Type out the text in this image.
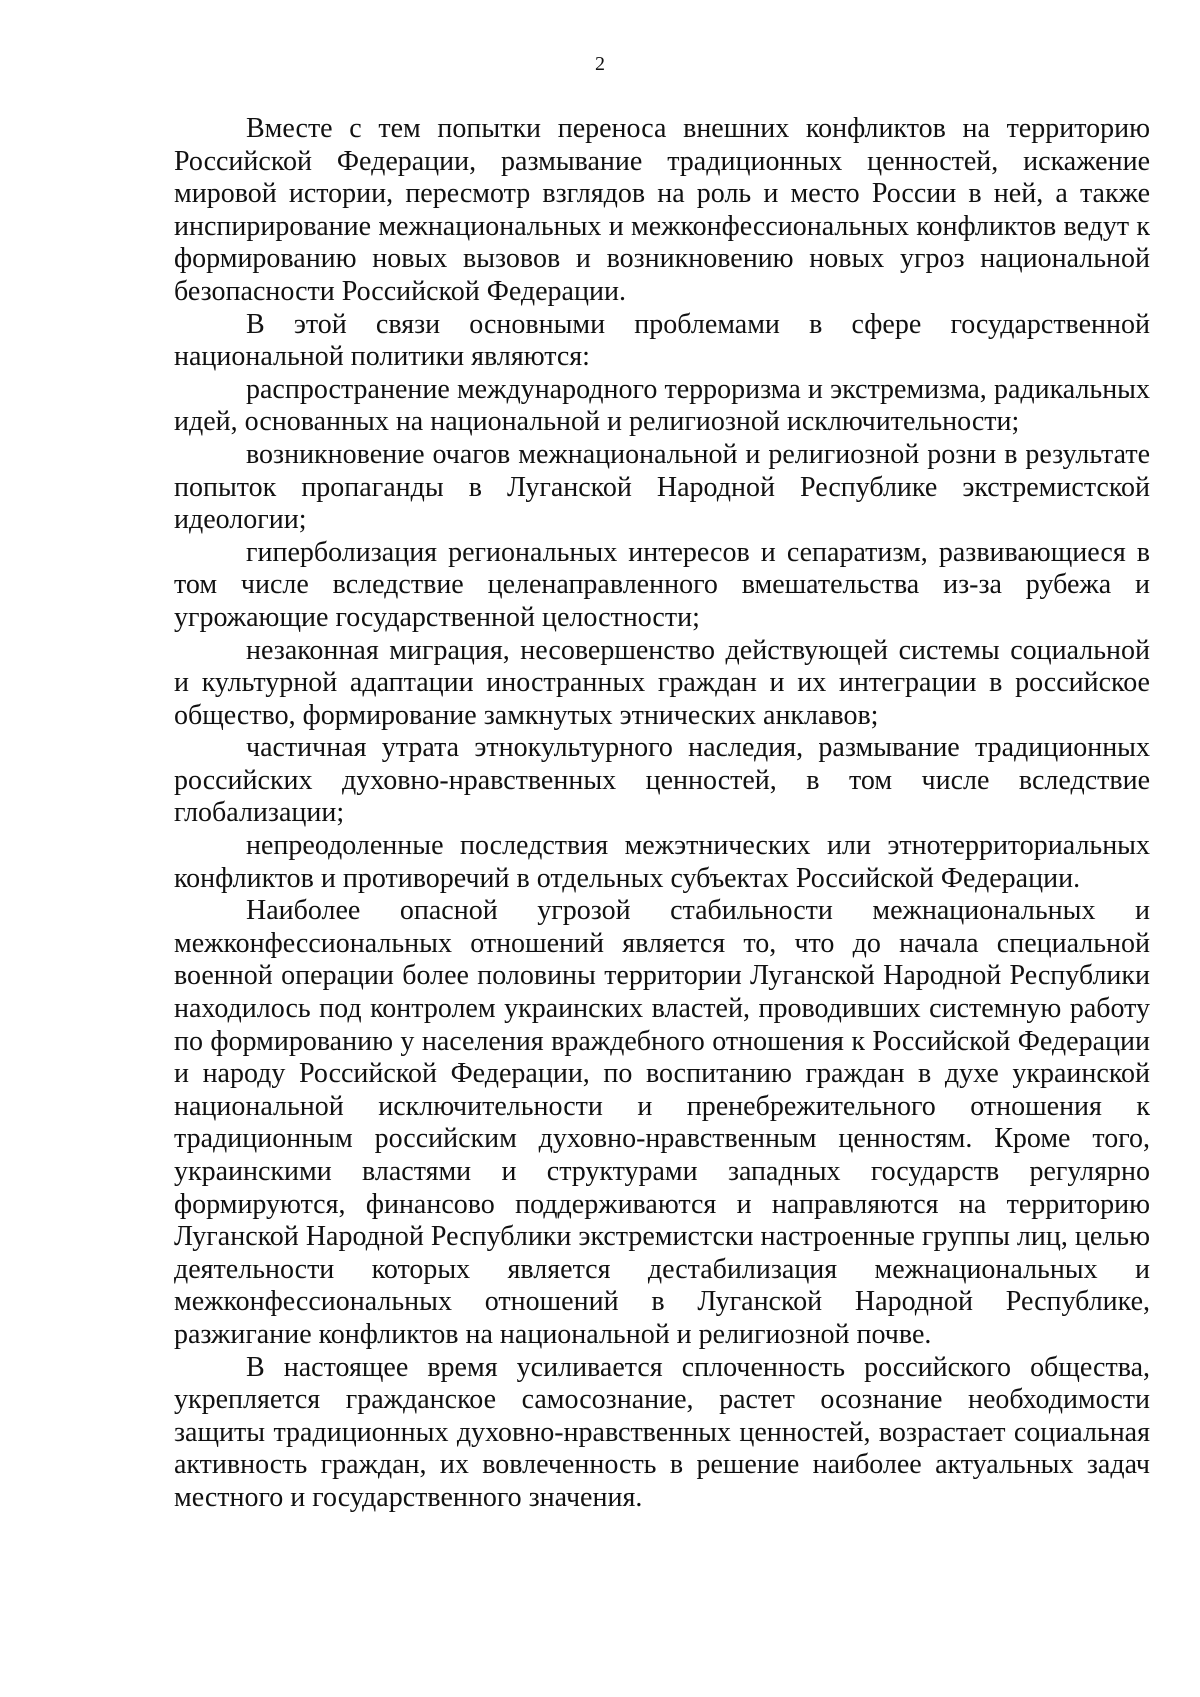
2

Вместе с тем попытки переноса внешних конфликтов на территорию Российской Федерации, размывание традиционных ценностей, искажение мировой истории, пересмотр взглядов на роль и место России в ней, а также инспирирование межнациональных и межконфессиональных конфликтов ведут к формированию новых вызовов и возникновению новых угроз национальной безопасности Российской Федерации.

В этой связи основными проблемами в сфере государственной национальной политики являются:

распространение международного терроризма и экстремизма, радикальных идей, основанных на национальной и религиозной исключительности;

возникновение очагов межнациональной и религиозной розни в результате попыток пропаганды в Луганской Народной Республике экстремистской идеологии;

гиперболизация региональных интересов и сепаратизм, развивающиеся в том числе вследствие целенаправленного вмешательства из-за рубежа и угрожающие государственной целостности;

незаконная миграция, несовершенство действующей системы социальной и культурной адаптации иностранных граждан и их интеграции в российское общество, формирование замкнутых этнических анклавов;

частичная утрата этнокультурного наследия, размывание традиционных российских духовно-нравственных ценностей, в том числе вследствие глобализации;

непреодоленные последствия межэтнических или этнотерриториальных конфликтов и противоречий в отдельных субъектах Российской Федерации.

Наиболее опасной угрозой стабильности межнациональных и межконфессиональных отношений является то, что до начала специальной военной операции более половины территории Луганской Народной Республики находилось под контролем украинских властей, проводивших системную работу по формированию у населения враждебного отношения к Российской Федерации и народу Российской Федерации, по воспитанию граждан в духе украинской национальной исключительности и пренебрежительного отношения к традиционным российским духовно-нравственным ценностям. Кроме того, украинскими властями и структурами западных государств регулярно формируются, финансово поддерживаются и направляются на территорию Луганской Народной Республики экстремистски настроенные группы лиц, целью деятельности которых является дестабилизация межнациональных и межконфессиональных отношений в Луганской Народной Республике, разжигание конфликтов на национальной и религиозной почве.

В настоящее время усиливается сплоченность российского общества, укрепляется гражданское самосознание, растет осознание необходимости защиты традиционных духовно-нравственных ценностей, возрастает социальная активность граждан, их вовлеченность в решение наиболее актуальных задач местного и государственного значения.
